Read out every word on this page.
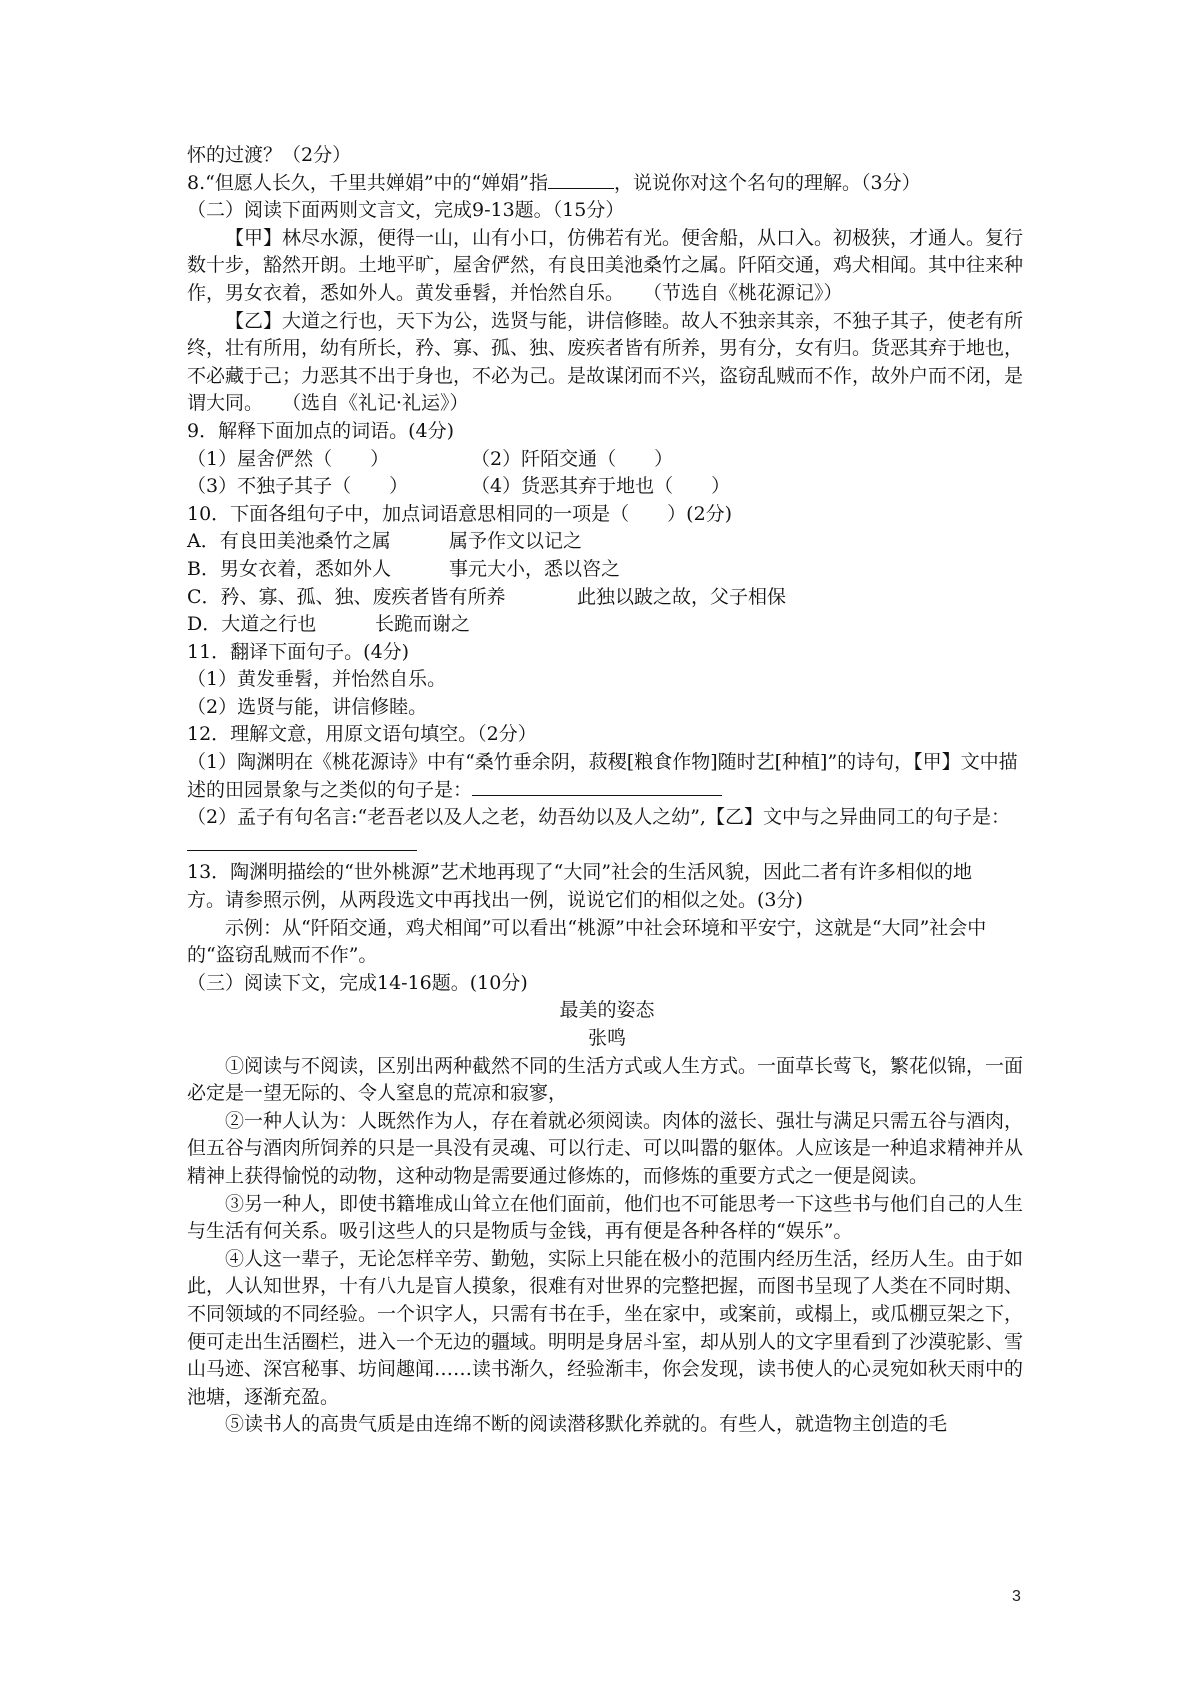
怀的过渡？（2分）

8.“但愿人长久，千里共婵娟”中的“婵娟”指	，说说你对这个名句的理解。（3分）

（二）阅读下面两则文言文，完成9-13题。（15分）

【甲】林尽水源，便得一山，山有小口，仿佛若有光。便舍船，从口入。初极狭，才通人。复行数十步，豁然开朗。土地平旷，屋舍俨然，有良田美池桑竹之属。阡陌交通，鸡犬相闻。其中往来种作，男女衣着，悉如外人。黄发垂髫，并怡然自乐。　　（节选自《桃花源记》）

【乙】大道之行也，天下为公，选贤与能，讲信修睦。故人不独亲其亲，不独子其子，使老有所终，壮有所用，幼有所长，矜、寡、孤、独、废疾者皆有所养，男有分，女有归。货恶其弃于地也，不必藏于己；力恶其不出于身也，不必为己。是故谋闭而不兴，盗窃乱贼而不作，故外户而不闭，是谓大同。　　（选自《礼记·礼运》）

9．解释下面加点的词语。(4分)

（1）屋舍俨然（　　）	（2）阡陌交通（　　）

（3）不独子其子（　　）	（4）货恶其弃于地也（　　）

10．下面各组句子中，加点词语意思相同的一项是（　　）(2分)

A．有良田美池桑竹之属	属予作文以记之

B．男女衣着，悉如外人	事元大小，悉以咨之

C．矜、寡、孤、独、废疾者皆有所养	此独以跛之故，父子相保

D．大道之行也	长跪而谢之

11．翻译下面句子。(4分)

（1）黄发垂髫，并怡然自乐。

（2）选贤与能，讲信修睦。

12．理解文意，用原文语句填空。（2分）

（1）陶渊明在《桃花源诗》中有“桑竹垂余阴，菽稷[粮食作物]随时艺[种植]”的诗句，【甲】文中描述的田园景象与之类似的句子是：

（2）孟子有句名言:“老吾老以及人之老，幼吾幼以及人之幼”,【乙】文中与之异曲同工的句子是：

13．陶渊明描绘的“世外桃源”艺术地再现了“大同”社会的生活风貌，因此二者有许多相似的地　方。请参照示例，从两段选文中再找出一例，说说它们的相似之处。(3分)

示例：从“阡陌交通，鸡犬相闻”可以看出“桃源”中社会环境和平安宁，这就是“大同”社会中的“盗窃乱贼而不作”。

（三）阅读下文，完成14-16题。(10分)

最美的姿态

张鸣

①阅读与不阅读，区别出两种截然不同的生活方式或人生方式。一面草长莺飞，繁花似锦，一面必定是一望无际的、令人窒息的荒凉和寂寥，

②一种人认为：人既然作为人，存在着就必须阅读。肉体的滋长、强壮与满足只需五谷与酒肉，但五谷与酒肉所饲养的只是一具没有灵魂、可以行走、可以叫嚣的躯体。人应该是一种追求精神并从精神上获得愉悦的动物，这种动物是需要通过修炼的，而修炼的重要方式之一便是阅读。

③另一种人，即使书籍堆成山耸立在他们面前，他们也不可能思考一下这些书与他们自己的人生与生活有何关系。吸引这些人的只是物质与金钱，再有便是各种各样的“娱乐”。

④人这一辈子，无论怎样辛劳、勤勉，实际上只能在极小的范围内经历生活，经历人生。由于如此，人认知世界，十有八九是盲人摸象，很难有对世界的完整把握，而图书呈现了人类在不同时期、不同领域的不同经验。一个识字人，只需有书在手，坐在家中，或案前，或榻上，或瓜棚豆架之下，便可走出生活圈栏，进入一个无边的疆域。明明是身居斗室，却从别人的文字里看到了沙漠驼影、雪山马迹、深宫秘事、坊间趣闻……读书渐久，经验渐丰，你会发现，读书使人的心灵宛如秋天雨中的池塘，逐渐充盈。

⑤读书人的高贵气质是由连绵不断的阅读潜移默化养就的。有些人，就造物主创造的毛

3
